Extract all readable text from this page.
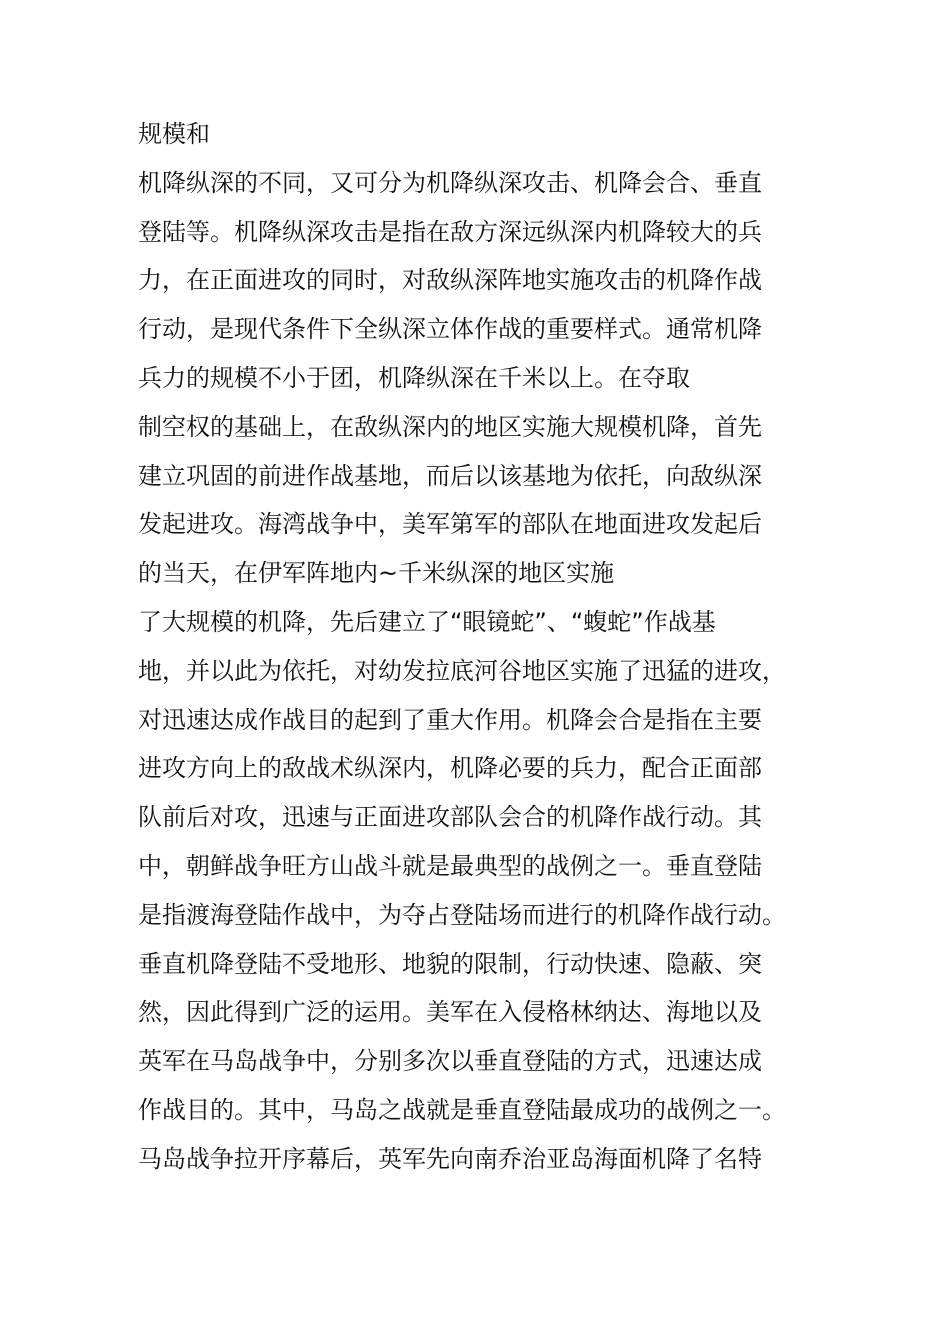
规模和
机降纵深的不同，又可分为机降纵深攻击、机降会合、垂直
登陆等。机降纵深攻击是指在敌方深远纵深内机降较大的兵
力，在正面进攻的同时，对敌纵深阵地实施攻击的机降作战
行动，是现代条件下全纵深立体作战的重要样式。通常机降
兵力的规模不小于团，机降纵深在千米以上。在夺取
制空权的基础上，在敌纵深内的地区实施大规模机降，首先
建立巩固的前进作战基地，而后以该基地为依托，向敌纵深
发起进攻。海湾战争中，美军第军的部队在地面进攻发起后
的当天，在伊军阵地内~千米纵深的地区实施
了大规模的机降，先后建立了“眼镜蛇”、“蝮蛇”作战基
地，并以此为依托，对幼发拉底河谷地区实施了迅猛的进攻，
对迅速达成作战目的起到了重大作用。机降会合是指在主要
进攻方向上的敌战术纵深内，机降必要的兵力，配合正面部
队前后对攻，迅速与正面进攻部队会合的机降作战行动。其
中，朝鲜战争旺方山战斗就是最典型的战例之一。垂直登陆
是指渡海登陆作战中，为夺占登陆场而进行的机降作战行动。
垂直机降登陆不受地形、地貌的限制，行动快速、隐蔽、突
然，因此得到广泛的运用。美军在入侵格林纳达、海地以及
英军在马岛战争中，分别多次以垂直登陆的方式，迅速达成
作战目的。其中，马岛之战就是垂直登陆最成功的战例之一。
马岛战争拉开序幕后，英军先向南乔治亚岛海面机降了名特
